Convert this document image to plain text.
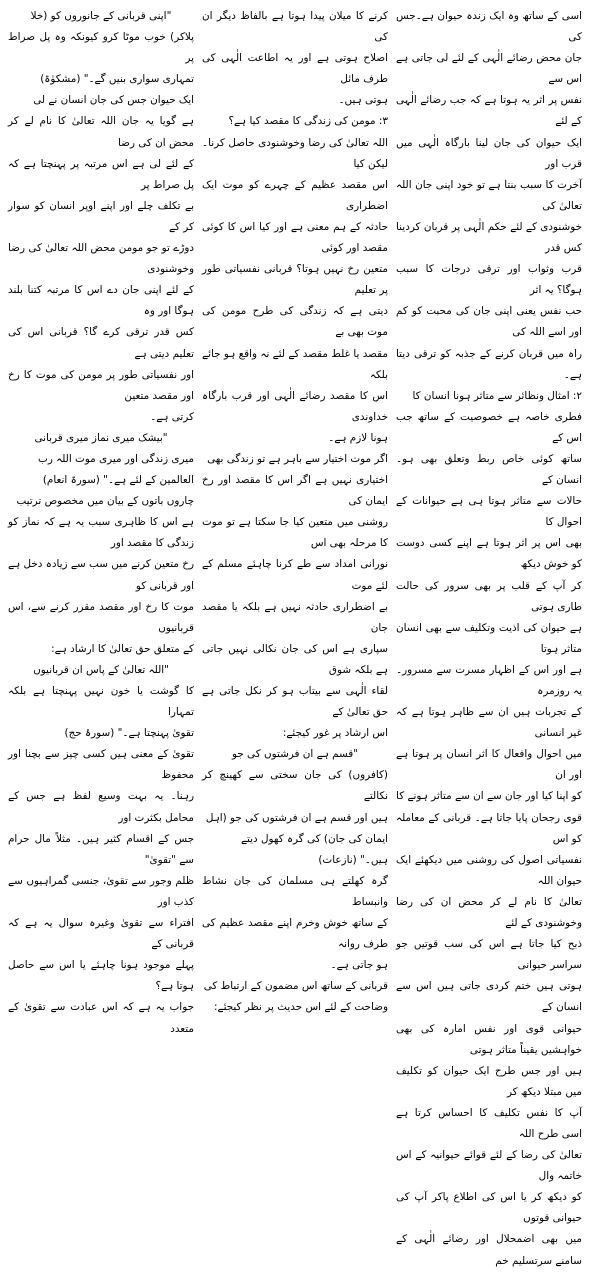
اسی کے ساتھ وہ ایک زندہ حیوان ہے۔جس کی

جان محض رضائے الٰہی کے لئے لی جاتی ہے اس سے

نفس پر اثر یہ ہوتا ہے کہ جب رضائے الٰہی کے لئے

ایک حیوان کی جان لینا بارگاہ الٰہی میں قرب اور

آخرت کا سبب بنتا ہے تو خود اپنی جان اللہ تعالیٰ کی

خوشنودی کے لئے حکم الٰہی پر قربان کردینا کس قدر

قرب وثواب اور ترقی درجات کا سبب ہوگا؟ یہ اثر

حب نفس یعنی اپنی جان کی محبت کو کم اور اسے اللہ کی

راہ میں قربان کرنے کے جذبہ کو ترقی دیتا ہے۔

۲: امثال ونظائر سے متاثر ہونا انسان کا

فطری خاصہ ہے خصوصیت کے ساتھ جب اس کے

ساتھ کوئی خاص ربط وتعلق بھی ہو۔ انسان کے

حالات سے متاثر ہوتا ہی ہے حیوانات کے احوال کا

بھی اس پر اثر ہوتا ہے اپنے کسی دوست کو خوش دیکھ

کر آپ کے قلب پر بھی سرور کی حالت طاری ہوتی

ہے حیوان کی اذیت وتکلیف سے بھی انسان متاثر ہوتا

ہے اور اس کے اظہار مسرت سے مسرور۔ یہ روزمرہ

کے تجربات ہیں ان سے ظاہر ہوتا ہے کہ غیر انسانی

میں احوال وافعال کا اثر انسان پر ہوتا ہے اور ان

کو اپنا کیا اور جان سے ان سے متاثر ہونے کا

قوی رجحان پایا جاتا ہے۔ قربانی کے معاملہ کو اس

نفسیاتی اصول کی روشنی میں دیکھئے ایک حیوان اللہ

تعالیٰ کا نام لے کر محض ان کی رضا وخوشنودی کے لئے

ذبح کیا جاتا ہے اس کی سب قوتیں جو سراسر حیوانی

ہوتی ہیں ختم کردی جاتی ہیں اس سے انسان کے

حیوانی قوی اور نفس امارہ کی بھی خواہشیں یقیناً متاثر ہوتی

ہیں اور جس طرح ایک حیوان کو تکلیف میں مبتلا دیکھ کر

آپ کا نفس تکلیف کا احساس کرتا ہے اسی طرح اللہ

تعالیٰ کی رضا کے لئے قوائے حیوانیہ کے اس خاتمہ وال

کو دیکھ کر یا اس کی اطلاع پاکر آپ کی حیوانی قوتوں

میں بھی اضمحلال اور رضائے الٰہی کے سامنے سرتسلیم خم

کرنے کا میلان پیدا ہوتا ہے بالفاظ دیگر ان کی

اصلاح ہوتی ہے اور یہ اطاعت الٰہی کی طرف مائل

ہوتی ہیں۔

۳: مومن کی زندگی کا مقصد کیا ہے؟

اللہ تعالیٰ کی رضا وخوشنودی حاصل کرنا۔ لیکن کیا

اس مقصد عظیم کے چہرے کو موت ایک اضطراری

حادثہ کے ہم معنی ہے اور کیا اس کا کوئی مقصد اور کوئی

متعین رخ نہیں ہوتا؟ قربانی نفسیاتی طور پر تعلیم

دیتی ہے کہ زندگی کی طرح مومن کی موت بھی بے

مقصد یا غلط مقصد کے لئے نہ واقع ہو جائے بلکہ

اس کا مقصد رضائے الٰہی اور قرب بارگاہ خداوندی

ہونا لازم ہے۔

اگر موت اختیار سے باہر ہے تو زندگی بھی

اختیاری نہیں ہے اگر اس کا مقصد اور رخ ایمان کی

روشنی میں متعین کیا جا سکتا ہے تو موت کا مرحلہ بھی اس

نورانی امداد سے طے کرنا چاہئے مسلم کے لئے موت

بے اضطراری حادثہ نہیں ہے بلکہ یا مقصد جان

سپاری ہے اس کی جان نکالی نہیں جاتی ہے بلکہ شوق

لقاء الٰہی سے بیتاب ہو کر نکل جاتی ہے حق تعالیٰ کے

اس ارشاد پر غور کیجئے:

"قسم ہے ان فرشتوں کی جو

(کافروں) کی جان سختی سے کھینچ کر نکالتے

ہیں اور قسم ہے ان فرشتوں کی جو (اہل

ایمان کی جان) کی گرہ کھول دیتے

ہیں۔" (نازعات)

گرہ کھلتے ہی مسلمان کی جان نشاط وانبساط

کے ساتھ خوش وخرم اپنے مقصد عظیم کی طرف روانہ

ہو جاتی ہے۔

قربانی کے ساتھ اس مضمون کے ارتباط کی

وضاحت کے لئے اس حدیث پر نظر کیجئے:

"اپنی قربانی کے جانوروں کو (خلا

پلاکر) خوب موٹا کرو کیونکہ وہ پل صراط پر

تمہاری سواری بنیں گے۔" (مشکوٰۃ)

ایک حیوان جس کی جان انسان نے لی

ہے گویا یہ جان اللہ تعالیٰ کا نام لے کر محض ان کی رضا

کے لئے لی ہے اس مرتبہ پر پہنچتا ہے کہ پل صراط پر

بے تکلف چلے اور اپنے اوپر انسان کو سوار کر کے

دوڑے تو جو مومن محض اللہ تعالیٰ کی رضا وخوشنودی

کے لئے اپنی جان دے اس کا مرتبہ کتنا بلند ہوگا اور وہ

کس قدر ترقی کرے گا؟ قربانی اس کی تعلیم دیتی ہے

اور نفسیاتی طور پر مومن کی موت کا رخ اور مقصد متعین

کرتی ہے۔

"بیشک میری نماز میری قربانی

میری زندگی اور میری موت اللہ رب

العالمین کے لئے ہے۔" (سورۃ انعام)

چاروں باتوں کے بیان میں مخصوص ترتیب

ہے اس کا ظاہری سبب یہ ہے کہ نماز کو زندگی کا مقصد اور

رخ متعین کرنے میں سب سے زیادہ دخل ہے اور قربانی کو

موت کا رخ اور مقصد مقرر کرنے سے، اس قربانیوں

کے متعلق حق تعالیٰ کا ارشاد ہے:

"اللہ تعالیٰ کے پاس ان قربانیوں

کا گوشت یا خون نہیں پہنچتا ہے بلکہ تمہارا

تقویٰ پہنچتا ہے۔" (سورۂ حج)

تقویٰ کے معنی ہیں کسی چیز سے بچنا اور محفوظ

رہنا۔ یہ بہت وسیع لفظ ہے جس کے محامل بکثرت اور

جس کے اقسام کثیر ہیں۔ مثلاً مال حرام سے "تقویٰ"

ظلم وجور سے تقویٰ، جنسی گمراہیوں سے کذب اور

افتراء سے تقویٰ وغیرہ سوال یہ ہے کہ قربانی کے

پہلے موجود ہونا چاہئے یا اس سے حاصل ہوتا ہے؟

جواب یہ ہے کہ اس عبادت سے تقویٰ کے متعدد
